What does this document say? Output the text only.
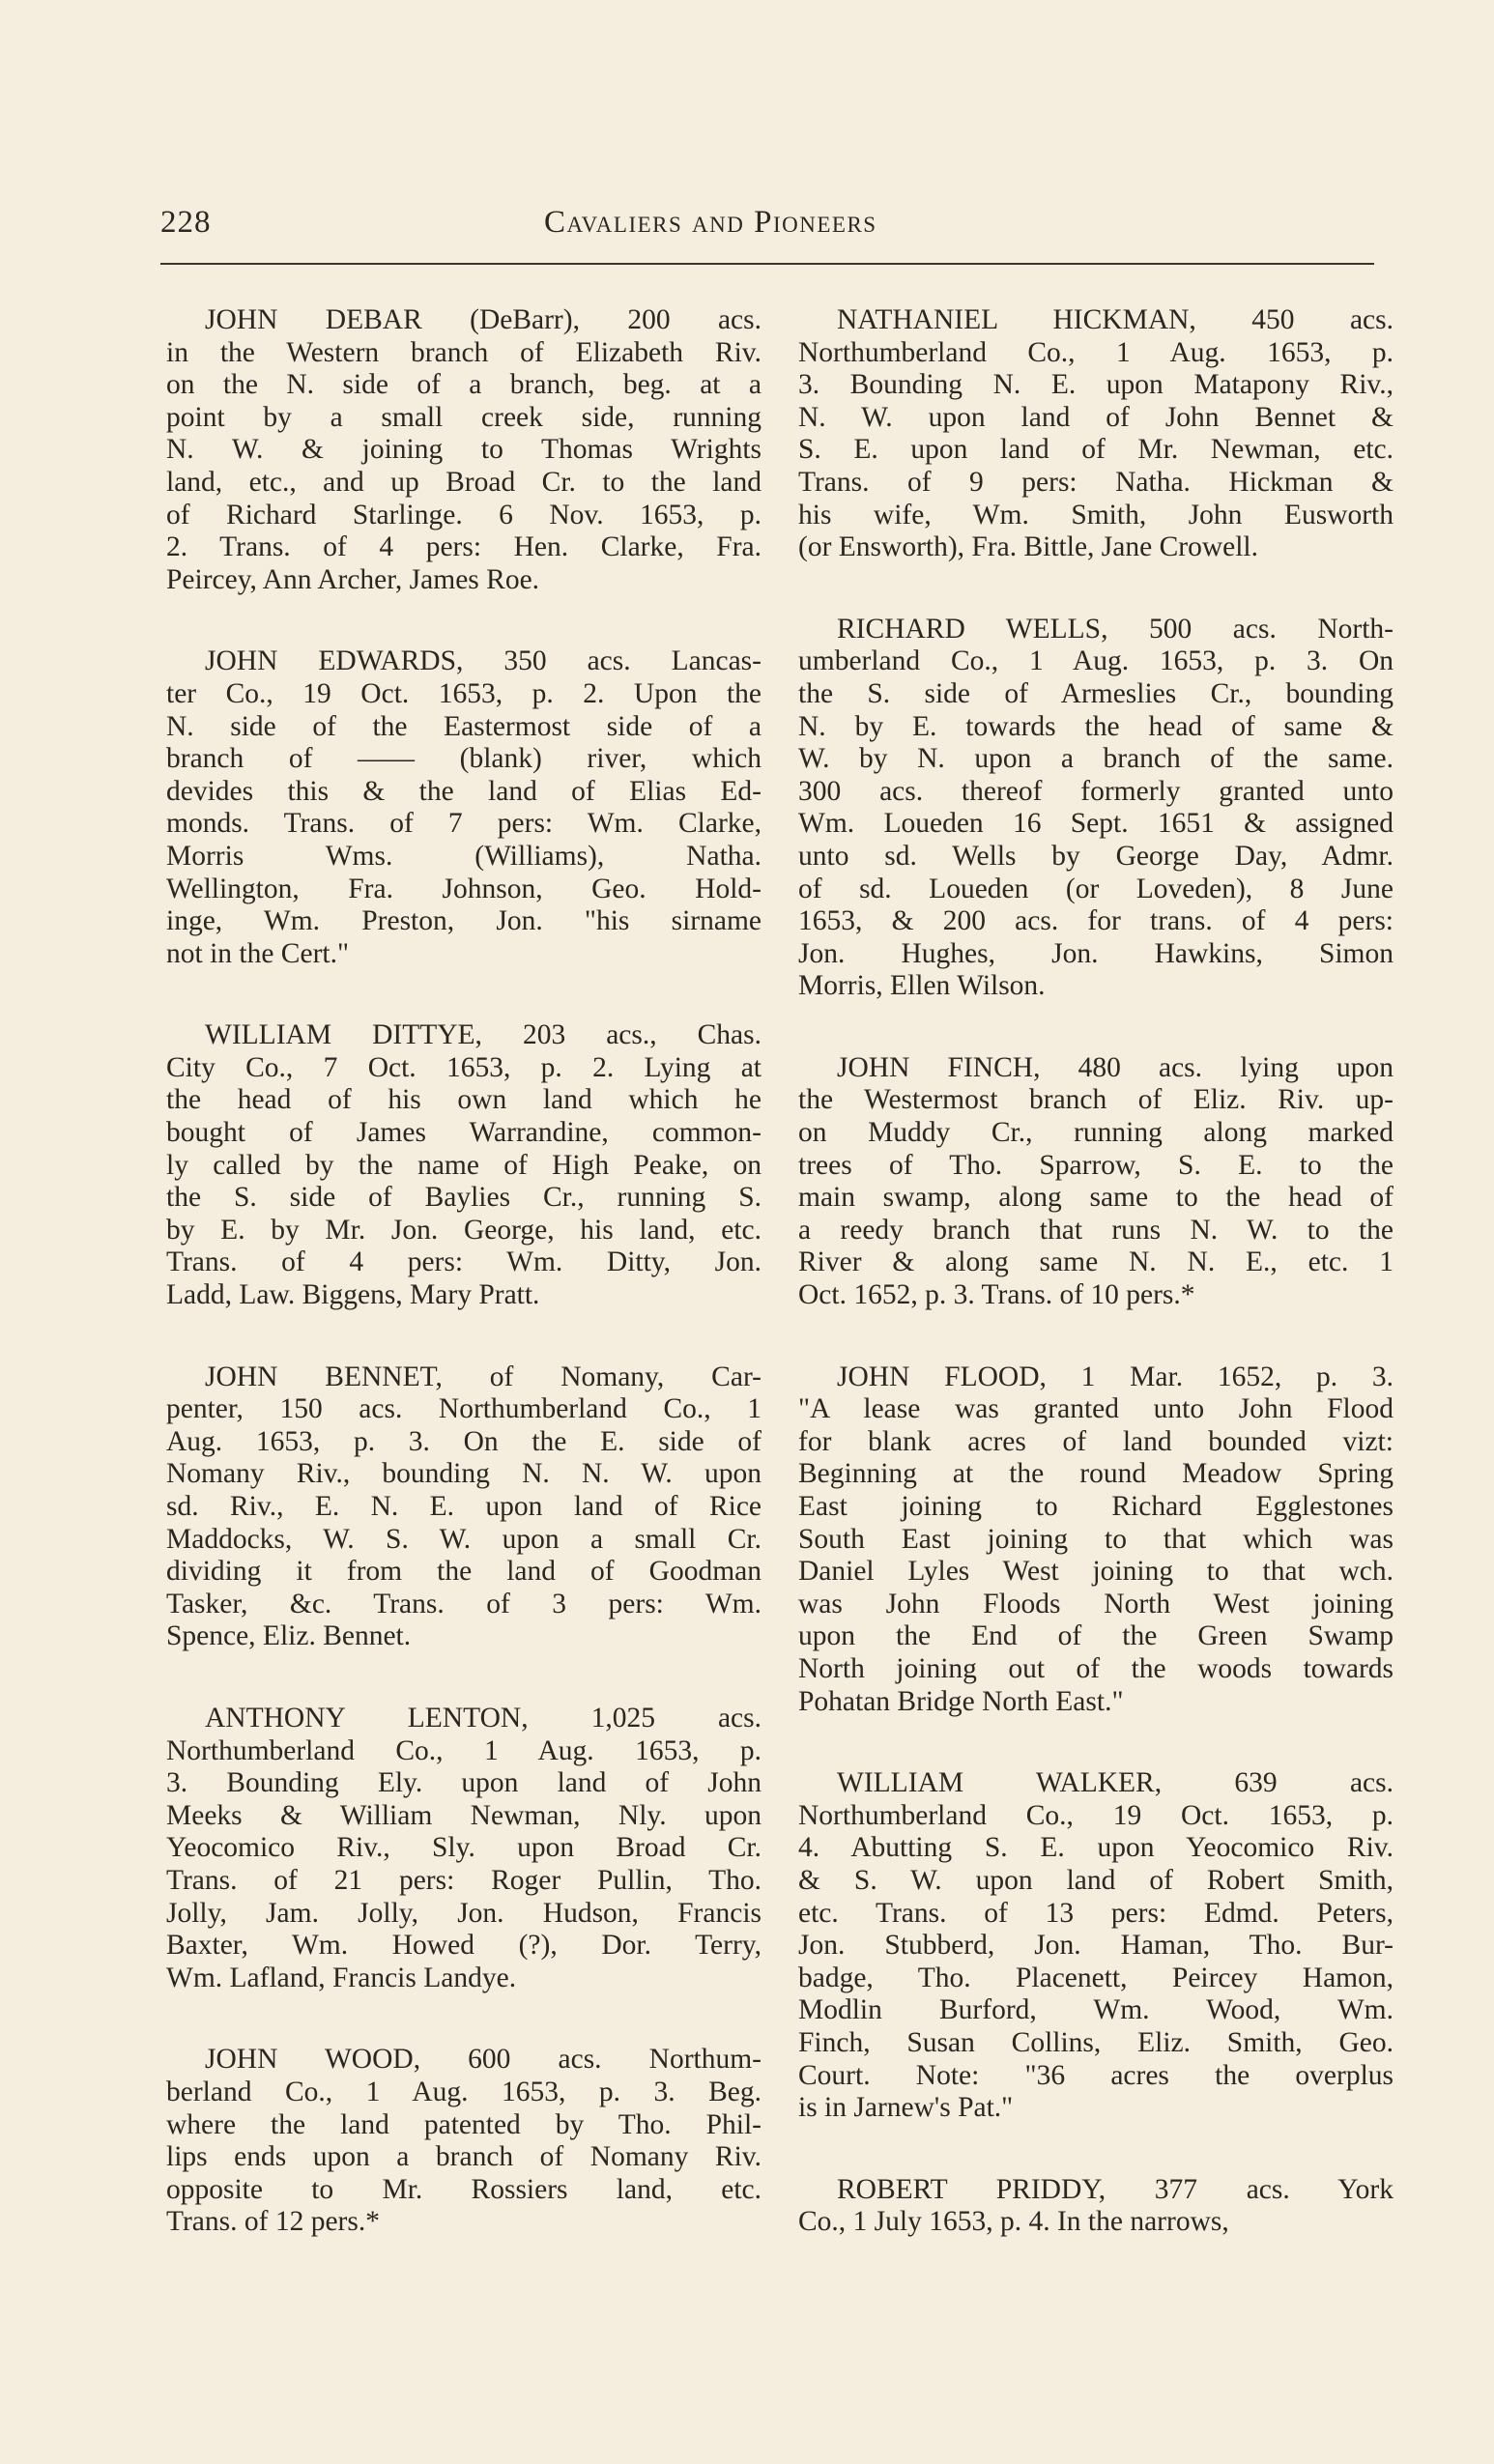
228	Cavaliers and Pioneers
JOHN DEBAR (DeBarr), 200 acs.
in the Western branch of Elizabeth Riv.
on the N. side of a branch, beg. at a
point by a small creek side, running
N. W. & joining to Thomas Wrights
land, etc., and up Broad Cr. to the land
of Richard Starlinge. 6 Nov. 1653, p.
2. Trans. of 4 pers: Hen. Clarke, Fra.
Peircey, Ann Archer, James Roe.
JOHN EDWARDS, 350 acs. Lancas-
ter Co., 19 Oct. 1653, p. 2. Upon the
N. side of the Eastermost side of a
branch of —— (blank) river, which
devides this & the land of Elias Ed-
monds. Trans. of 7 pers: Wm. Clarke,
Morris Wms. (Williams), Natha.
Wellington, Fra. Johnson, Geo. Hold-
inge, Wm. Preston, Jon. "his sirname
not in the Cert."
WILLIAM DITTYE, 203 acs., Chas.
City Co., 7 Oct. 1653, p. 2. Lying at
the head of his own land which he
bought of James Warrandine, common-
ly called by the name of High Peake, on
the S. side of Baylies Cr., running S.
by E. by Mr. Jon. George, his land, etc.
Trans. of 4 pers: Wm. Ditty, Jon.
Ladd, Law. Biggens, Mary Pratt.
JOHN BENNET, of Nomany, Car-
penter, 150 acs. Northumberland Co., 1
Aug. 1653, p. 3. On the E. side of
Nomany Riv., bounding N. N. W. upon
sd. Riv., E. N. E. upon land of Rice
Maddocks, W. S. W. upon a small Cr.
dividing it from the land of Goodman
Tasker, &c. Trans. of 3 pers: Wm.
Spence, Eliz. Bennet.
ANTHONY LENTON, 1,025 acs.
Northumberland Co., 1 Aug. 1653, p.
3. Bounding Ely. upon land of John
Meeks & William Newman, Nly. upon
Yeocomico Riv., Sly. upon Broad Cr.
Trans. of 21 pers: Roger Pullin, Tho.
Jolly, Jam. Jolly, Jon. Hudson, Francis
Baxter, Wm. Howed (?), Dor. Terry,
Wm. Lafland, Francis Landye.
JOHN WOOD, 600 acs. Northum-
berland Co., 1 Aug. 1653, p. 3. Beg.
where the land patented by Tho. Phil-
lips ends upon a branch of Nomany Riv.
opposite to Mr. Rossiers land, etc.
Trans. of 12 pers.*
NATHANIEL HICKMAN, 450 acs.
Northumberland Co., 1 Aug. 1653, p.
3. Bounding N. E. upon Matapony Riv.,
N. W. upon land of John Bennet &
S. E. upon land of Mr. Newman, etc.
Trans. of 9 pers: Natha. Hickman &
his wife, Wm. Smith, John Eusworth
(or Ensworth), Fra. Bittle, Jane Crowell.
RICHARD WELLS, 500 acs. North-
umberland Co., 1 Aug. 1653, p. 3. On
the S. side of Armeslies Cr., bounding
N. by E. towards the head of same &
W. by N. upon a branch of the same.
300 acs. thereof formerly granted unto
Wm. Loueden 16 Sept. 1651 & assigned
unto sd. Wells by George Day, Admr.
of sd. Loueden (or Loveden), 8 June
1653, & 200 acs. for trans. of 4 pers:
Jon. Hughes, Jon. Hawkins, Simon
Morris, Ellen Wilson.
JOHN FINCH, 480 acs. lying upon
the Westermost branch of Eliz. Riv. up-
on Muddy Cr., running along marked
trees of Tho. Sparrow, S. E. to the
main swamp, along same to the head of
a reedy branch that runs N. W. to the
River & along same N. N. E., etc. 1
Oct. 1652, p. 3. Trans. of 10 pers.*
JOHN FLOOD, 1 Mar. 1652, p. 3.
"A lease was granted unto John Flood
for blank acres of land bounded vizt:
Beginning at the round Meadow Spring
East joining to Richard Egglestones
South East joining to that which was
Daniel Lyles West joining to that wch.
was John Floods North West joining
upon the End of the Green Swamp
North joining out of the woods towards
Pohatan Bridge North East."
WILLIAM WALKER, 639 acs.
Northumberland Co., 19 Oct. 1653, p.
4. Abutting S. E. upon Yeocomico Riv.
& S. W. upon land of Robert Smith,
etc. Trans. of 13 pers: Edmd. Peters,
Jon. Stubberd, Jon. Haman, Tho. Bur-
badge, Tho. Placenett, Peircey Hamon,
Modlin Burford, Wm. Wood, Wm.
Finch, Susan Collins, Eliz. Smith, Geo.
Court. Note: "36 acres the overplus
is in Jarnew's Pat."
ROBERT PRIDDY, 377 acs. York
Co., 1 July 1653, p. 4. In the narrows,
